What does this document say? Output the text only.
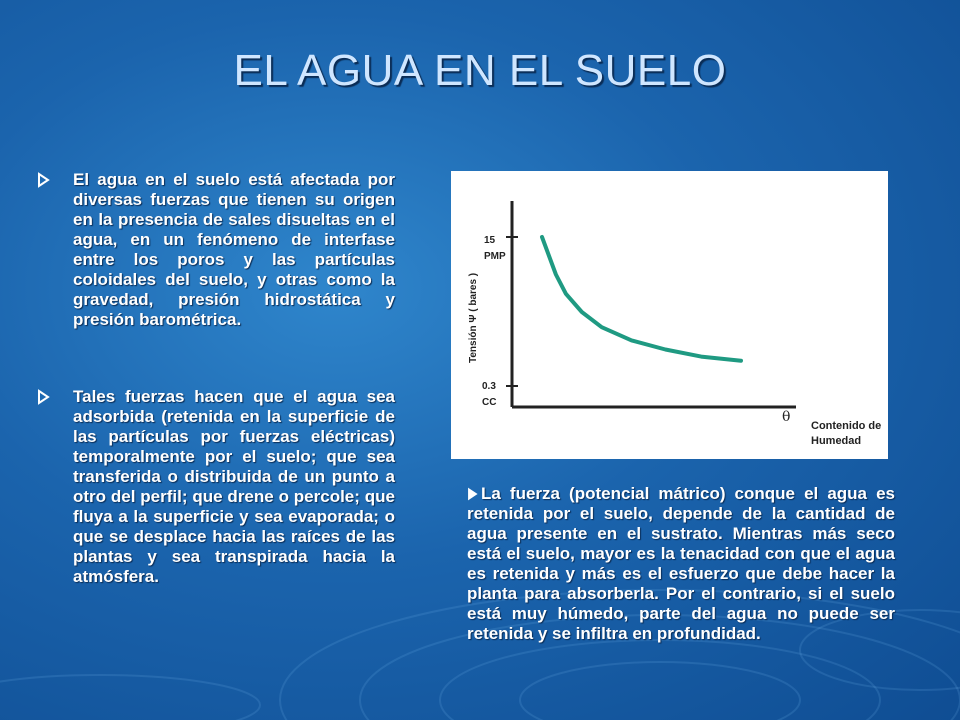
EL AGUA EN EL SUELO

El agua en el suelo está afectada por diversas fuerzas que tienen su origen en la presencia de sales disueltas en el agua, en un fenómeno de interfase entre los poros y las partículas coloidales del suelo, y otras como la gravedad, presión hidrostática y presión barométrica.

Tales fuerzas hacen que el agua sea adsorbida (retenida en la superficie de las partículas por fuerzas eléctricas) temporalmente por el suelo; que sea transferida o distribuida de un punto a otro del perfil; que drene o percole; que fluya a la superficie y sea evaporada; o que se desplace hacia las raíces de las plantas y sea transpirada hacia la atmósfera.

15
PMP
0.3
CC
Tensión Ψ ( bares )
θ
Contenido de
Humedad

La fuerza (potencial mátrico) conque el agua es retenida por el suelo, depende de la cantidad de agua presente en el sustrato. Mientras más seco está el suelo, mayor es la tenacidad con que el agua es retenida y más es el esfuerzo que debe hacer la planta para absorberla. Por el contrario, si el suelo está muy húmedo, parte del agua no puede ser retenida y se infiltra en profundidad.
